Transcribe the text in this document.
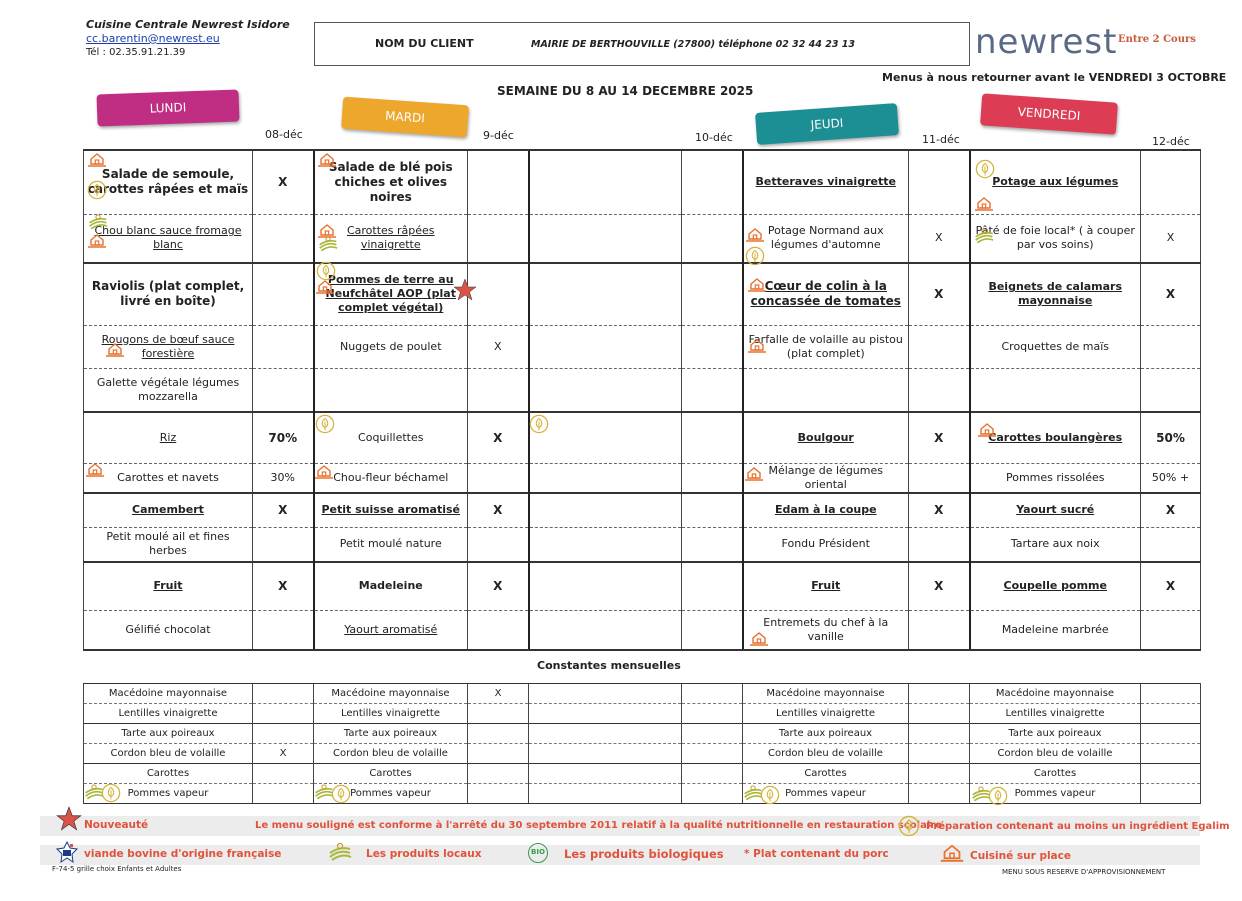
Cuisine Centrale Newrest Isidore
cc.barentin@newrest.eu
Tél : 02.35.91.21.39
NOM DU CLIENT	MAIRIE DE BERTHOUVILLE (27800) téléphone 02 32 44 23 13	newrest Entre 2 Cours
Menus à nous retourner avant le VENDREDI 3 OCTOBRE
SEMAINE DU 8 AU 14 DECEMBRE 2025
LUNDI
MARDI	JEUDI
VENDREDI
08-déc	9-déc	10-déc	11-déc	12-déc
Salade de semoule, carottes râpées et maïs	X	Salade de blé pois chiches et olives noires				Betteraves vinaigrette		Potage aux légumes	
Chou blanc sauce fromage blanc		Carottes râpées vinaigrette				Potage Normand aux légumes d'automne	X	Pâté de foie local* ( à couper par vos soins)	X
Raviolis (plat complet, livré en boîte)		Pommes de terre au Neufchâtel AOP (plat complet végétal)				Cœur de colin à la concassée de tomates	X	Beignets de calamars mayonnaise	X
Rougons de bœuf sauce forestière		Nuggets de poulet	X			Farfalle de volaille au pistou (plat complet)		Croquettes de maïs	
Galette végétale légumes mozzarella									
Riz	70%	Coquillettes	X			Boulgour	X	Carottes boulangères	50%
Carottes et navets	30%	Chou-fleur béchamel				Mélange de légumes oriental		Pommes rissolées	50% +
Camembert	X	Petit suisse aromatisé	X			Edam à la coupe	X	Yaourt sucré	X
Petit moulé ail et fines herbes		Petit moulé nature				Fondu Président		Tartare aux noix	
Fruit	X	Madeleine	X			Fruit	X	Coupelle pomme	X
Gélifié chocolat		Yaourt aromatisé				Entremets du chef à la vanille		Madeleine marbrée	
Constantes mensuelles
Macédoine mayonnaise		Macédoine mayonnaise	X			Macédoine mayonnaise		Macédoine mayonnaise	
Lentilles vinaigrette		Lentilles vinaigrette				Lentilles vinaigrette		Lentilles vinaigrette	
Tarte aux poireaux		Tarte aux poireaux				Tarte aux poireaux		Tarte aux poireaux	
Cordon bleu de volaille	X	Cordon bleu de volaille				Cordon bleu de volaille		Cordon bleu de volaille	
Carottes		Carottes				Carottes		Carottes	
Pommes vapeur		Pommes vapeur				Pommes vapeur		Pommes vapeur	
Nouveauté	Le menu souligné est conforme à l'arrêté du 30 septembre 2011 relatif à la qualité nutritionnelle en restauration scolaire
Préparation contenant au moins un ingrédient Egalim
viande bovine d'origine française	Les produits locaux	BIO Les produits biologiques * Plat contenant du porc	Cuisiné sur place
F-74-5 grille choix Enfants et Adultes	MENU SOUS RESERVE D'APPROVISIONNEMENT
